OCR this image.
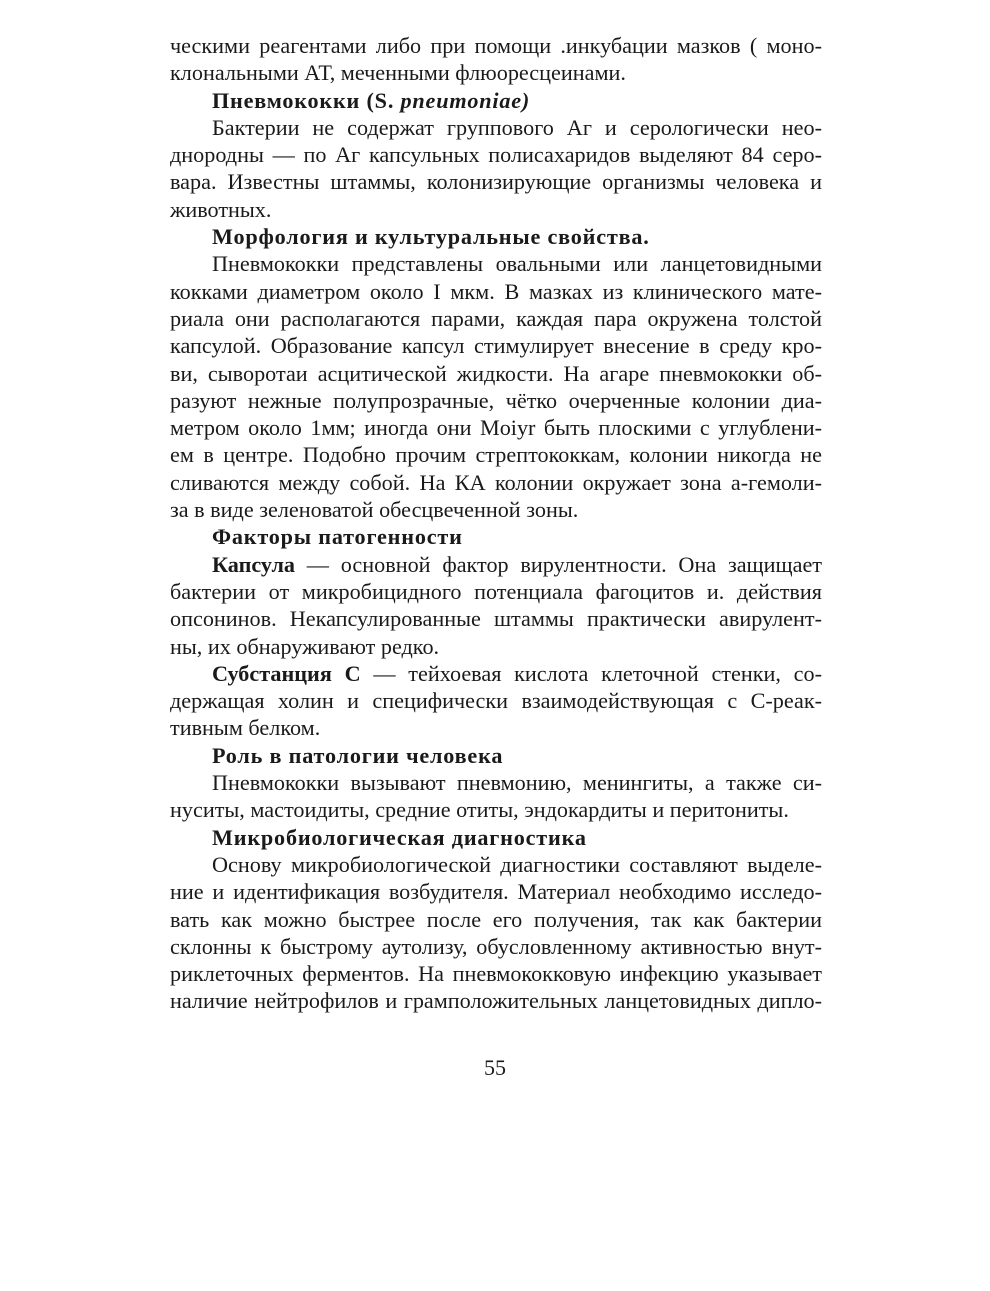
ческими реагентами либо при помощи .инкубации мазков ( моно-
клональными АТ, меченными флюоресцеинами.
Пневмококки (S. pneumoniae)
Бактерии не содержат группового Аг и серологически нео-
днородны — по Аг капсульных полисахаридов выделяют 84 серо-
вара. Известны штаммы, колонизирующие организмы человека и
животных.
Морфология и культуральные свойства.
Пневмококки представлены овальными или ланцетовидными
кокками диаметром около I мкм. В мазках из клинического мате-
риала они располагаются парами, каждая пара окружена толстой
капсулой. Образование капсул стимулирует внесение в среду кро-
ви, сыворотаи асцитической жидкости. На агаре пневмококки об-
разуют нежные полупрозрачные, чётко очерченные колонии диа-
метром около 1мм; иногда они Moiyr быть плоскими с углублени-
ем в центре. Подобно прочим стрептококкам, колонии никогда не
сливаются между собой. На КА колонии окружает зона а-гемоли-
за в виде зеленоватой обесцвеченной зоны.
Факторы патогенности
Капсула — основной фактор вирулентности. Она защищает
бактерии от микробицидного потенциала фагоцитов и. действия
опсонинов. Некапсулированные штаммы практически авирулент-
ны, их обнаруживают редко.
Субстанция С — тейхоевая кислота клеточной стенки, со-
держащая холин и специфически взаимодействующая с С-реак-
тивным белком.
Роль в патологии человека
Пневмококки вызывают пневмонию, менингиты, а также си-
нуситы, мастоидиты, средние отиты, эндокардиты и перитониты.
Микробиологическая диагностика
Основу микробиологической диагностики составляют выделе-
ние и идентификация возбудителя. Материал необходимо исследо-
вать как можно быстрее после его получения, так как бактерии
склонны к быстрому аутолизу, обусловленному активностью внут-
риклеточных ферментов. На пневмококковую инфекцию указывает
наличие нейтрофилов и грамположительных ланцетовидных дипло-
55
